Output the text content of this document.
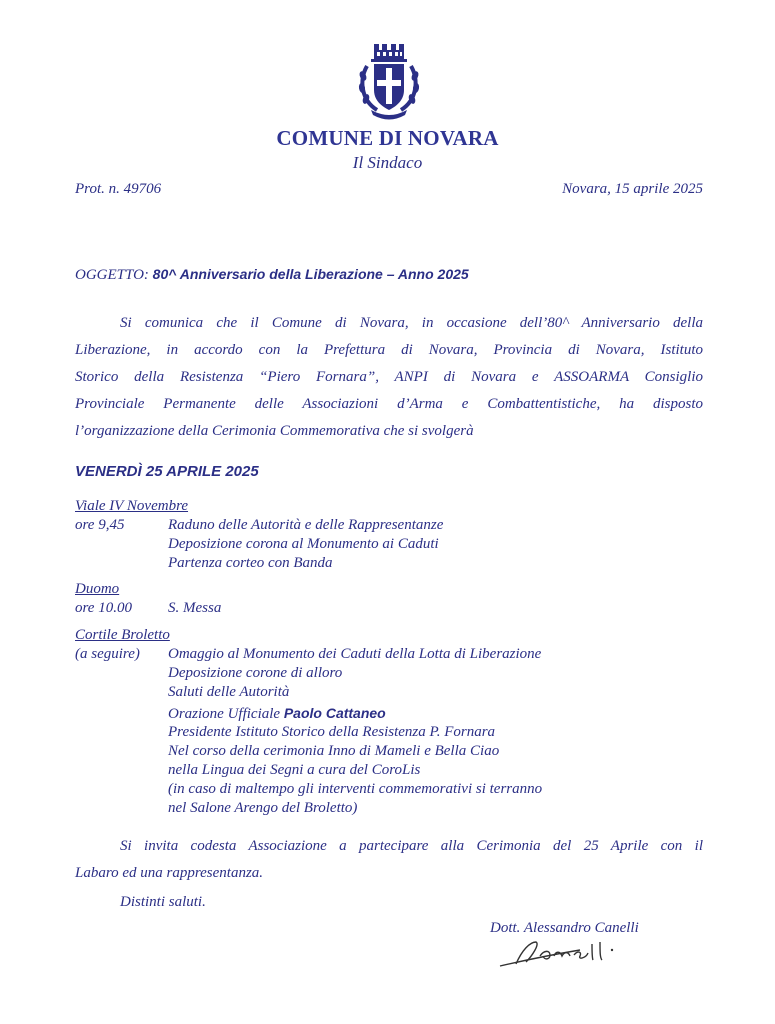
COMUNE DI NOVARA
Il Sindaco
Prot. n. 49706	Novara, 15 aprile 2025
OGGETTO: 80^ Anniversario della Liberazione – Anno 2025
Si comunica che il Comune di Novara, in occasione dell’80^ Anniversario della
Liberazione, in accordo con la Prefettura di Novara, Provincia di Novara, Istituto
Storico della Resistenza “Piero Fornara”, ANPI di Novara e ASSOARMA Consiglio
Provinciale Permanente delle Associazioni d’Arma e Combattentistiche, ha disposto
l’organizzazione della Cerimonia Commemorativa che si svolgerà
VENERDÌ 25 APRILE 2025
Viale IV Novembre
ore 9,45	Raduno delle Autorità e delle Rappresentanze
Deposizione corona al Monumento ai Caduti
Partenza corteo con Banda
Duomo
ore 10.00 S. Messa
Cortile Broletto
(a seguire) Omaggio al Monumento dei Caduti della Lotta di Liberazione
Deposizione corone di alloro
Saluti delle Autorità
Orazione Ufficiale Paolo Cattaneo
Presidente Istituto Storico della Resistenza P. Fornara
Nel corso della cerimonia Inno di Mameli e Bella Ciao
nella Lingua dei Segni a cura del CoroLis
(in caso di maltempo gli interventi commemorativi si terranno
nel Salone Arengo del Broletto)
Si invita codesta Associazione a partecipare alla Cerimonia del 25 Aprile con il
Labaro ed una rappresentanza.
Distinti saluti.
Dott. Alessandro Canelli
